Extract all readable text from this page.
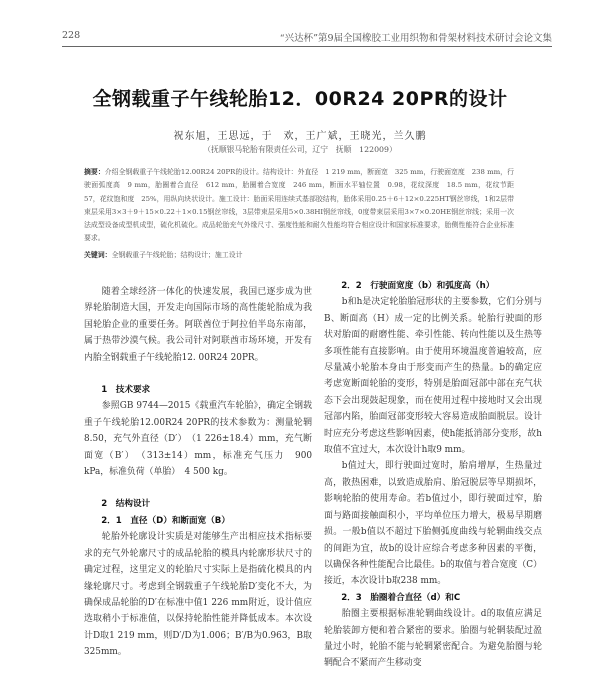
228	“兴达杯”第9届全国橡胶工业用织物和骨架材料技术研讨会论文集
全钢载重子午线轮胎12．00R24 20PR的设计
祝东旭，王思远，于　欢，王广斌，王晓光，兰久鹏
（抚顺银马轮胎有限责任公司，辽宁　抚顺　122009）
摘要：介绍全钢载重子午线轮胎12.00R24 20PR的设计。结构设计：外直径　1 219 mm，断面宽　325 mm，行驶面宽度　238 mm，行驶面弧度高　9 mm，胎圈着合直径　612 mm，胎圈着合宽度　246 mm，断面水平轴位置　0.98，花纹深度　18.5 mm，花纹节距　57，花纹饱和度　25%，用纵向块状设计。施工设计：胎面采用连续式基部胶结构，胎体采用0.25＋6＋12×0.225HT钢丝帘线，1和2层带束层采用3×3＋9＋15×0.22＋1×0.15钢丝帘线，3层带束层采用5×0.38HI钢丝帘线，0度带束层采用3×7×0.20HE钢丝帘线；采用一次法成型设备成型机成型，硫化机硫化。成品轮胎充气外缘尺寸、强度性能和耐久性能均符合相应设计和国家标准要求，胎侧性能符合企业标准要求。
关键词：全钢载重子午线轮胎；结构设计；施工设计

随着全球经济一体化的快速发展，我国已逐步成为世界轮胎制造大国，开发走向国际市场的高性能轮胎成为我国轮胎企业的重要任务。阿联酋位于阿拉伯半岛东南部，属于热带沙漠气候。我公司针对阿联酋市场环境，开发有内胎全钢载重子午线轮胎12. 00R24 20PR。

1　技术要求

参照GB 9744—2015《载重汽车轮胎》，确定全钢载重子午线轮胎12.00R24 20PR的技术参数为：测量轮辋　8.50，充气外直径（D′）　（1 226±18.4）mm，充气断面宽（B′）　（313±14）mm，标准充气压力　900 kPa，标准负荷（单胎）　4 500 kg。

2　结构设计

2．1　直径（D）和断面宽（B）

轮胎外轮廓设计实质是对能够生产出相应技术指标要求的充气外轮廓尺寸的成品轮胎的模具内轮廓形状尺寸的确定过程，这里定义的轮胎尺寸实际上是指硫化模具的内缘轮廓尺寸。考虑到全钢载重子午线轮胎D′变化不大，为确保成品轮胎的D′在标准中值1 226 mm附近，设计值应选取稍小于标准值，以保持轮胎性能并降低成本。本次设计D取1 219 mm，则D′/D为1.006；B′/B为0.963，B取325mm。

2．2　行驶面宽度（b）和弧度高（h）

b和h是决定轮胎胎冠形状的主要参数，它们分别与B、断面高（H）成一定的比例关系。轮胎行驶面的形状对胎面的耐磨性能、牵引性能、转向性能以及生热等多项性能有直接影响。由于使用环境温度普遍较高，应尽量减小轮胎本身由于形变而产生的热量。b的确定应考虑宽断面轮胎的变形，特别是胎面冠部中部在充气状态下会出现鼓起现象，而在使用过程中接地时又会出现冠部内陷，胎面冠部变形较大容易造成胎面脱层。设计时应充分考虑这些影响因素，使h能抵消部分变形，故h取值不宜过大，本次设计h取9 mm。

b值过大，即行驶面过宽时，胎肩增厚，生热量过高，散热困难，以致造成胎肩、胎冠脱层等早期损坏，影响轮胎的使用寿命。若b值过小，即行驶面过窄，胎面与路面接触面积小，平均单位压力增大，极易早期磨损。一般b值以不超过下胎侧弧度曲线与轮辋曲线交点的间距为宜，故b的设计应综合考虑多种因素的平衡，以确保各种性能配合比最佳。b的取值与着合宽度（C）接近，本次设计b取238 mm。

2．3　胎圈着合直径（d）和C

胎圈主要根据标准轮辋曲线设计。d的取值应满足轮胎装卸方便和着合紧密的要求。胎圈与轮辋装配过盈量过小时，轮胎不能与轮辋紧密配合。为避免胎圈与轮辋配合不紧而产生移动变
